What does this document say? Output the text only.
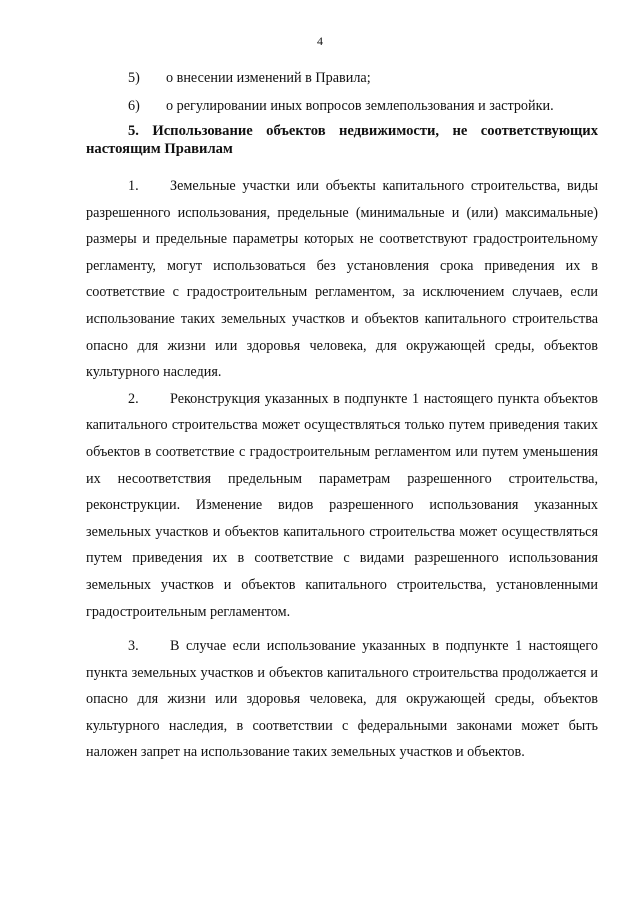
4
5)	о внесении изменений в Правила;
6)	о регулировании иных вопросов землепользования и застройки.
5. Использование объектов недвижимости, не соответствующих настоящим Правилам
1. Земельные участки или объекты капитального строительства, виды разрешенного использования, предельные (минимальные и (или) максимальные) размеры и предельные параметры которых не соответствуют градостроительному регламенту, могут использоваться без установления срока приведения их в соответствие с градостроительным регламентом, за исключением случаев, если использование таких земельных участков и объектов капитального строительства опасно для жизни или здоровья человека, для окружающей среды, объектов культурного наследия.
2. Реконструкция указанных в подпункте 1 настоящего пункта объектов капитального строительства может осуществляться только путем приведения таких объектов в соответствие с градостроительным регламентом или путем уменьшения их несоответствия предельным параметрам разрешенного строительства, реконструкции. Изменение видов разрешенного использования указанных земельных участков и объектов капитального строительства может осуществляться путем приведения их в соответствие с видами разрешенного использования земельных участков и объектов капитального строительства, установленными градостроительным регламентом.
3. В случае если использование указанных в подпункте 1 настоящего пункта земельных участков и объектов капитального строительства продолжается и опасно для жизни или здоровья человека, для окружающей среды, объектов культурного наследия, в соответствии с федеральными законами может быть наложен запрет на использование таких земельных участков и объектов.
